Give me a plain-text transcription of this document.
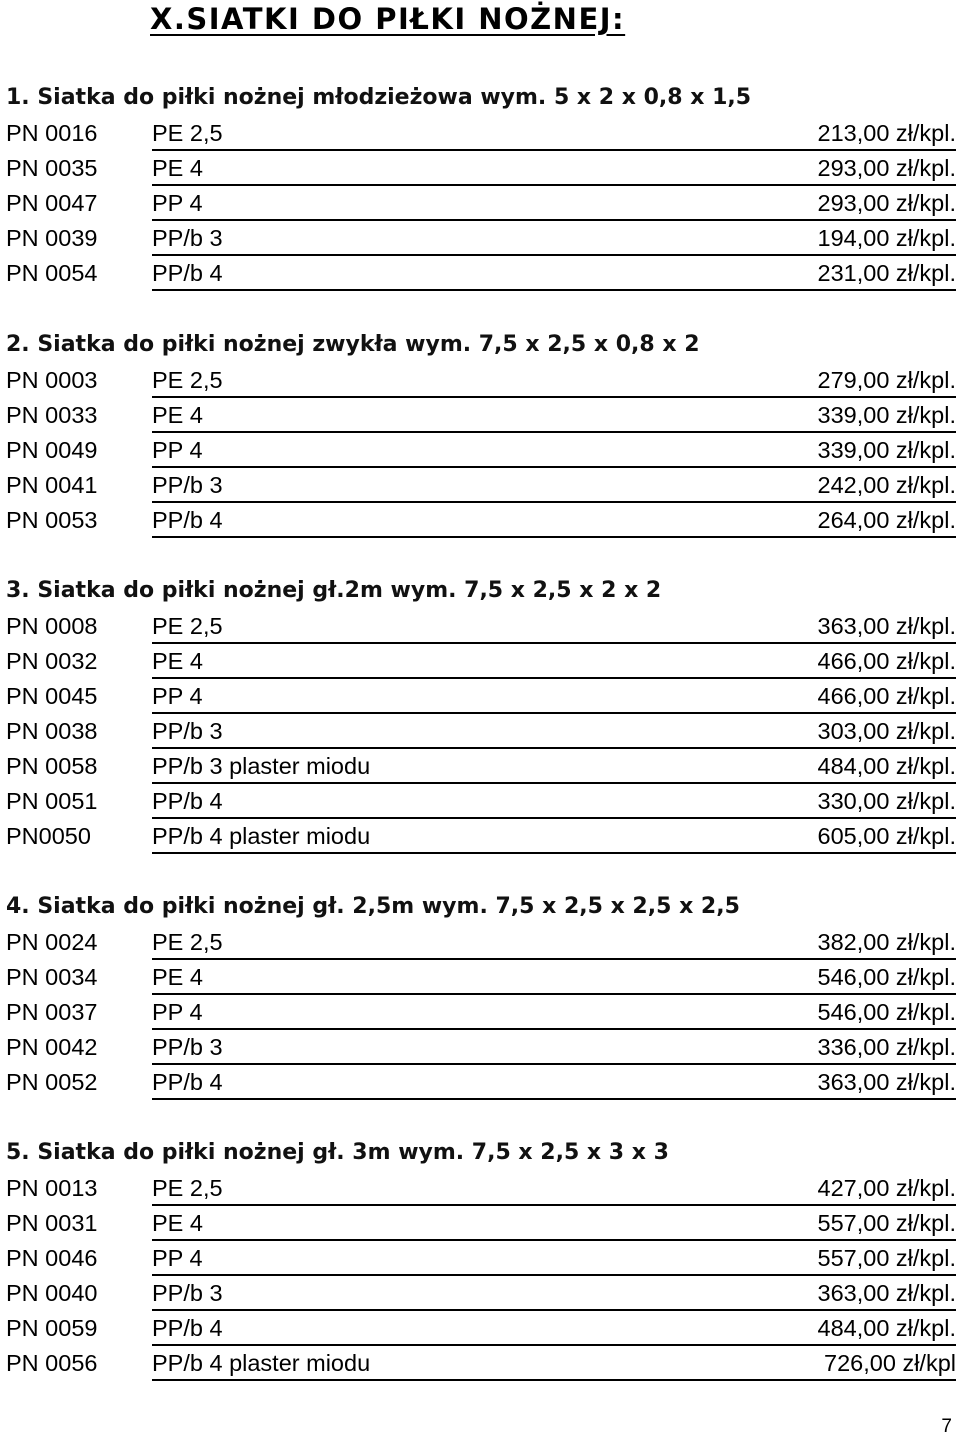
X.SIATKI DO PIŁKI NOŻNEJ:
1. Siatka do piłki nożnej młodzieżowa wym. 5 x 2 x 0,8 x 1,5
PN 0016 PE 2,5	213,00 zł/kpl.
PN 0035 PE 4	293,00 zł/kpl.
PN 0047 PP 4	293,00 zł/kpl.
PN 0039 PP/b 3	194,00 zł/kpl.
PN 0054 PP/b 4	231,00 zł/kpl.
2. Siatka do piłki nożnej zwykła wym. 7,5 x 2,5 x 0,8 x 2
PN 0003 PE 2,5	279,00 zł/kpl.
PN 0033 PE 4	339,00 zł/kpl.
PN 0049 PP 4	339,00 zł/kpl.
PN 0041 PP/b 3	242,00 zł/kpl.
PN 0053 PP/b 4	264,00 zł/kpl.
3. Siatka do piłki nożnej gł.2m wym. 7,5 x 2,5 x 2 x 2
PN 0008 PE 2,5	363,00 zł/kpl.
PN 0032 PE 4	466,00 zł/kpl.
PN 0045 PP 4	466,00 zł/kpl.
PN 0038 PP/b 3	303,00 zł/kpl.
PN 0058 PP/b 3 plaster miodu	484,00 zł/kpl.
PN 0051 PP/b 4	330,00 zł/kpl.
PN0050	PP/b 4 plaster miodu	605,00 zł/kpl.
4. Siatka do piłki nożnej gł. 2,5m wym. 7,5 x 2,5 x 2,5 x 2,5
PN 0024 PE 2,5	382,00 zł/kpl.
PN 0034 PE 4	546,00 zł/kpl.
PN 0037 PP 4	546,00 zł/kpl.
PN 0042 PP/b 3	336,00 zł/kpl.
PN 0052 PP/b 4	363,00 zł/kpl.
5. Siatka do piłki nożnej gł. 3m wym. 7,5 x 2,5 x 3 x 3
PN 0013 PE 2,5	427,00 zł/kpl.
PN 0031 PE 4	557,00 zł/kpl.
PN 0046 PP 4	557,00 zł/kpl.
PN 0040 PP/b 3	363,00 zł/kpl.
PN 0059 PP/b 4	484,00 zł/kpl.
PN 0056 PP/b 4 plaster miodu	726,00 zł/kpl
7
